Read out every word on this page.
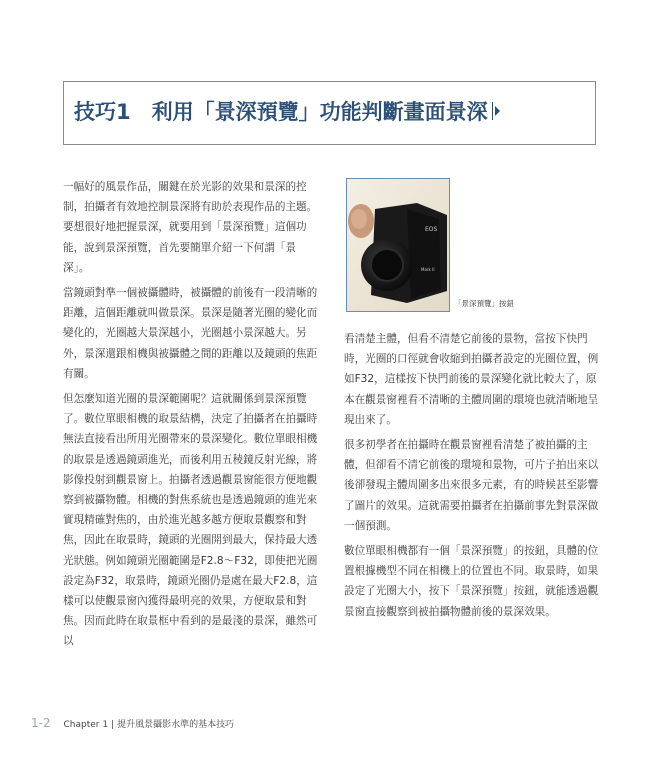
技巧1　利用「景深預覽」功能判斷畫面景深

一幅好的風景作品，關鍵在於光影的效果和景深的控制，拍攝者有效地控制景深將有助於表現作品的主題。要想很好地把握景深，就要用到「景深預覽」這個功能，說到景深預覽，首先要簡單介紹一下何謂「景深」。

當鏡頭對準一個被攝體時，被攝體的前後有一段清晰的距離，這個距離就叫做景深。景深是隨著光圈的變化而變化的，光圈越大景深越小，光圈越小景深越大。另外，景深還跟相機與被攝體之間的距離以及鏡頭的焦距有關。

但怎麼知道光圈的景深範圍呢？這就關係到景深預覽了。數位單眼相機的取景結構，決定了拍攝者在拍攝時無法直接看出所用光圈帶來的景深變化。數位單眼相機的取景是透過鏡頭進光，而後利用五稜鏡反射光線，將影像投射到觀景窗上。拍攝者透過觀景窗能很方便地觀察到被攝物體。相機的對焦系統也是透過鏡頭的進光來實現精確對焦的，由於進光越多越方便取景觀察和對焦，因此在取景時，鏡頭的光圈開到最大，保持最大透光狀態。例如鏡頭光圈範圍是F2.8～F32，即使把光圈設定為F32，取景時，鏡頭光圈仍是處在最大F2.8，這樣可以使觀景窗內獲得最明亮的效果，方便取景和對焦。因而此時在取景框中看到的是最淺的景深，雖然可以

EOS
Mark II
「景深預覽」按鈕

看清楚主體，但看不清楚它前後的景物，當按下快門時，光圈的口徑就會收縮到拍攝者設定的光圈位置，例如F32，這樣按下快門前後的景深變化就比較大了，原本在觀景窗裡看不清晰的主體周圍的環境也就清晰地呈現出來了。

很多初學者在拍攝時在觀景窗裡看清楚了被拍攝的主體，但卻看不清它前後的環境和景物，可片子拍出來以後卻發現主體周圍多出來很多元素，有的時候甚至影響了圖片的效果。這就需要拍攝者在拍攝前事先對景深做一個預測。

數位單眼相機都有一個「景深預覽」的按鈕，具體的位置根據機型不同在相機上的位置也不同。取景時，如果設定了光圈大小，按下「景深預覽」按鈕，就能透過觀景窗直接觀察到被拍攝物體前後的景深效果。

1-2 Chapter 1 | 提升風景攝影水準的基本技巧
